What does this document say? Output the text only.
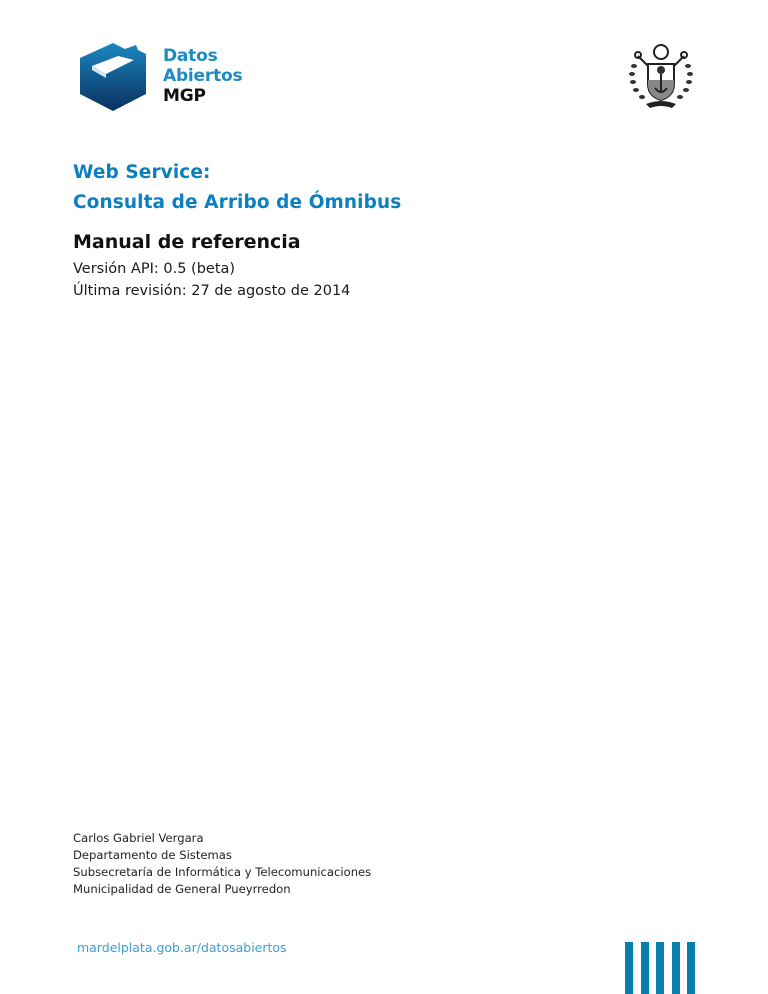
Datos
Abiertos
MGP
Web Service:
Consulta de Arribo de Ómnibus
Manual de referencia
Versión API: 0.5 (beta)
Última revisión: 27 de agosto de 2014
Carlos Gabriel Vergara
Departamento de Sistemas
Subsecretaría de Informática y Telecomunicaciones
Municipalidad de General Pueyrredon
mardelplata.gob.ar/datosabiertos
